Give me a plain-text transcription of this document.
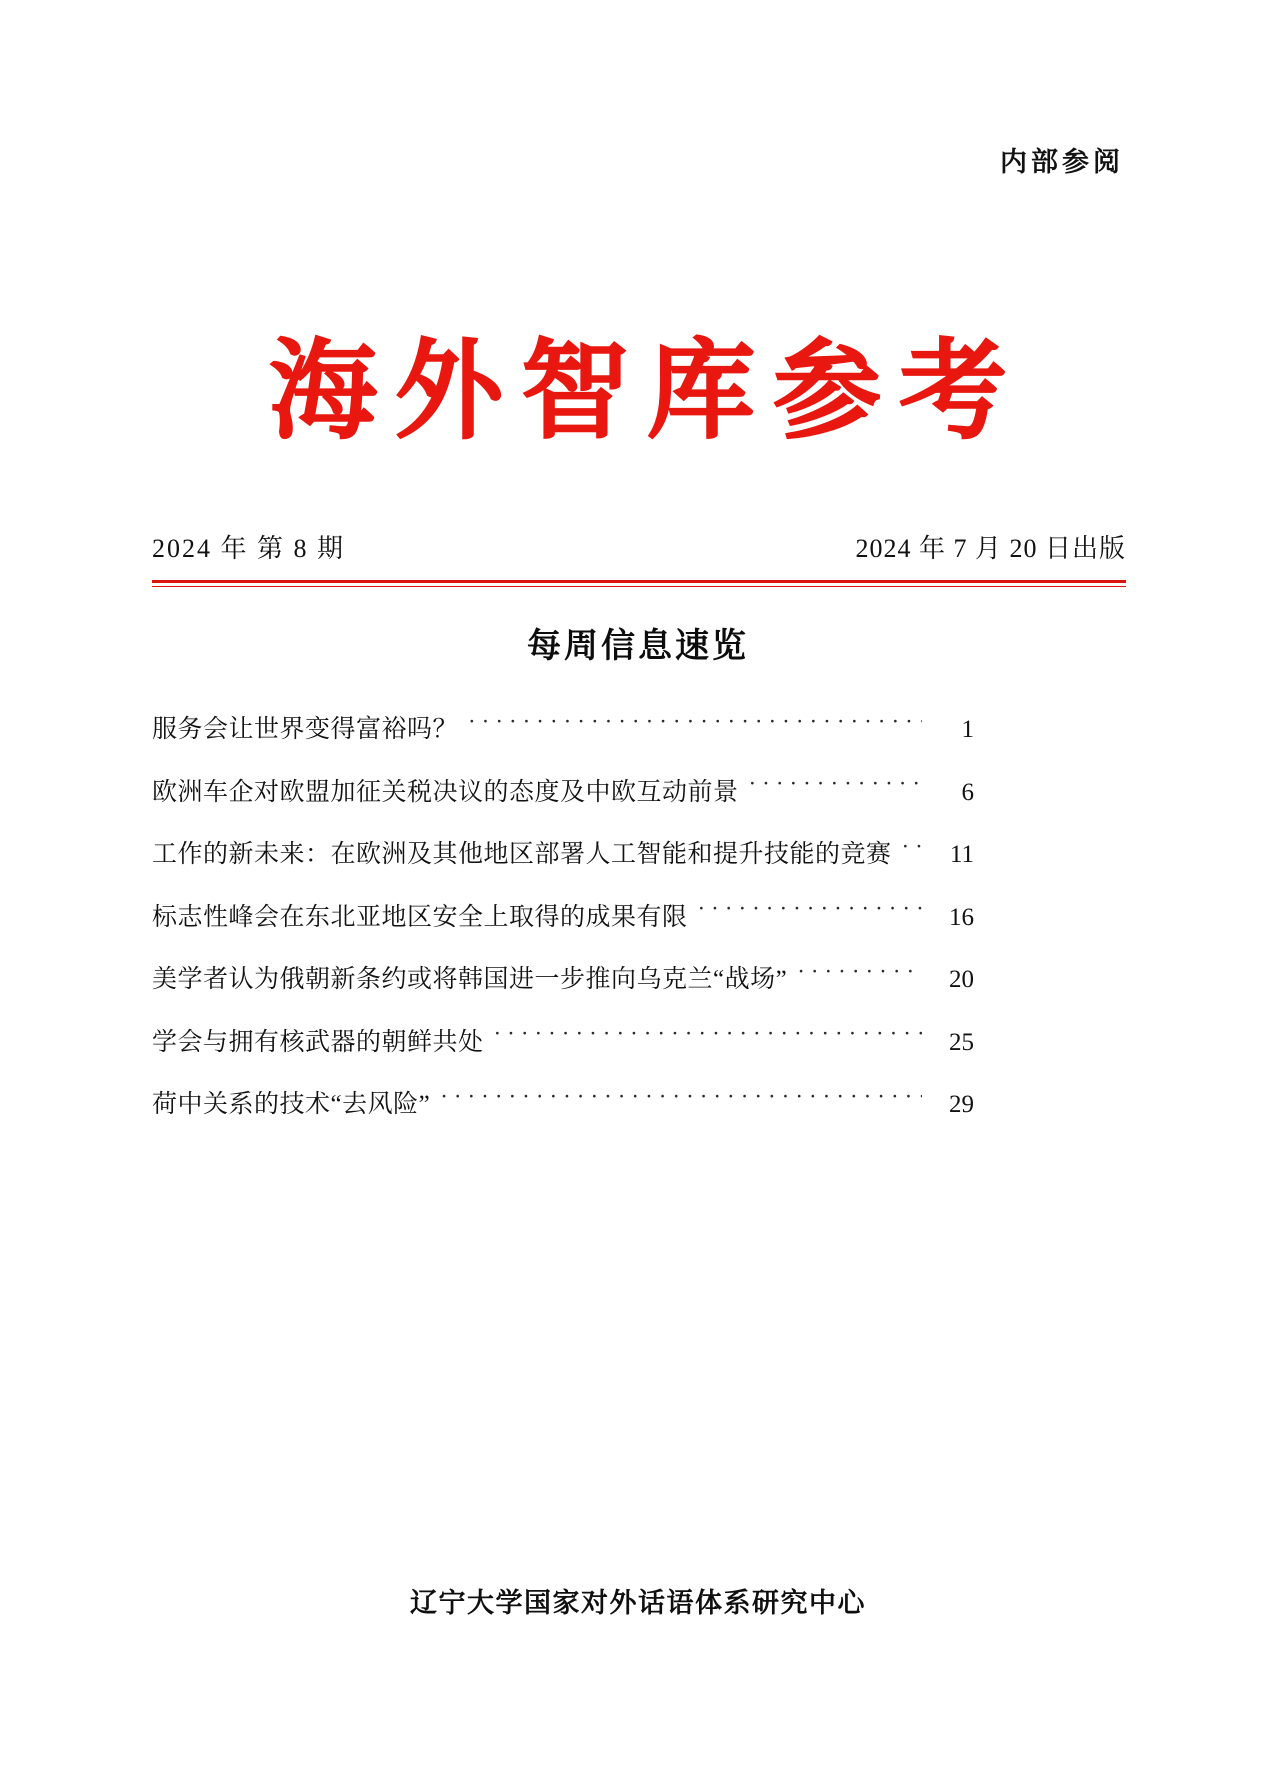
内部参阅
海外智库参考
2024 年 第 8 期	2024 年 7 月 20 日出版
每周信息速览
服务会让世界变得富裕吗？ ·····	1
欧洲车企对欧盟加征关税决议的态度及中欧互动前景 ·····	6
工作的新未来：在欧洲及其他地区部署人工智能和提升技能的竞赛 ·····	11
标志性峰会在东北亚地区安全上取得的成果有限 ·····	16
美学者认为俄朝新条约或将韩国进一步推向乌克兰“战场” ·····	20
学会与拥有核武器的朝鲜共处 ·····	25
荷中关系的技术“去风险” ·····	29
辽宁大学国家对外话语体系研究中心
